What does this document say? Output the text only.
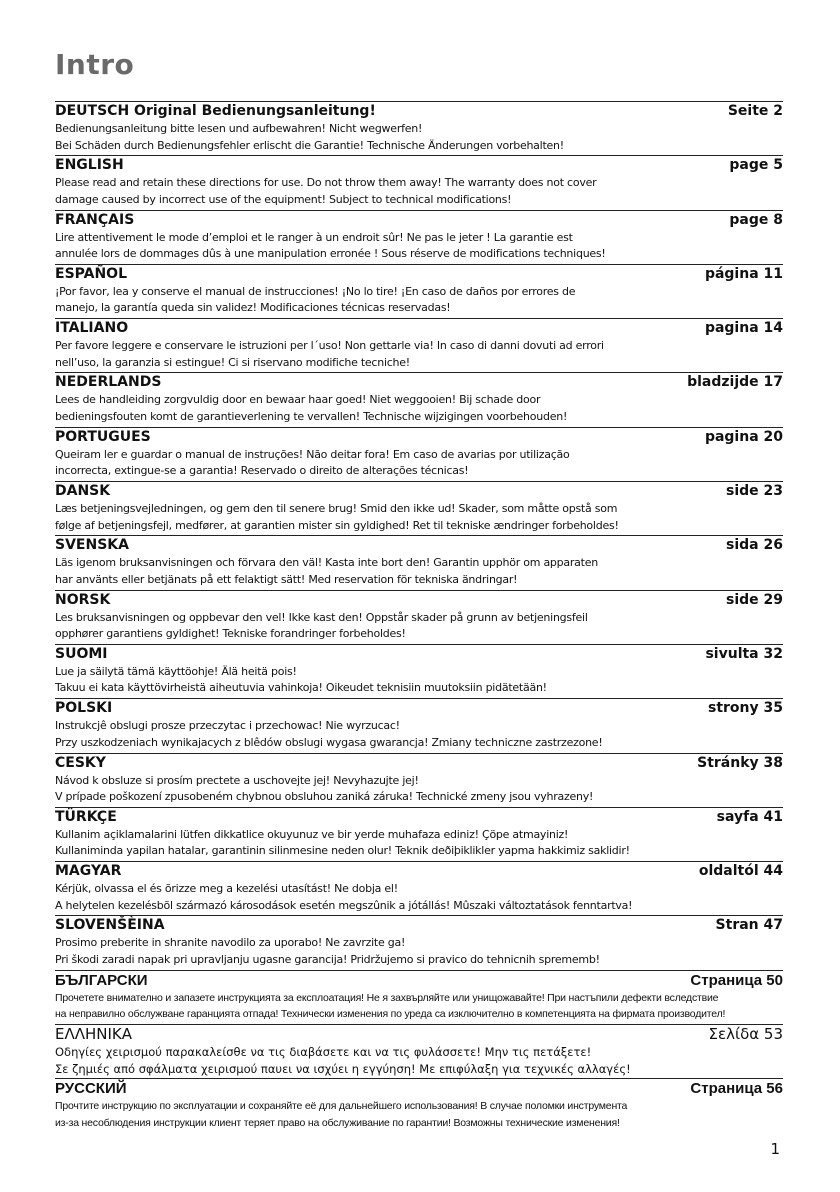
Intro
DEUTSCH Original Bedienungsanleitung!	Seite 2
Bedienungsanleitung bitte lesen und aufbewahren! Nicht wegwerfen!
Bei Schäden durch Bedienungsfehler erlischt die Garantie! Technische Änderungen vorbehalten!
ENGLISH	page 5
Please read and retain these directions for use. Do not throw them away! The warranty does not cover
damage caused by incorrect use of the equipment! Subject to technical modifications!
FRANÇAIS	page 8
Lire attentivement le mode d’emploi et le ranger à un endroit sûr! Ne pas le jeter ! La garantie est
annulée lors de dommages dûs à une manipulation erronée ! Sous réserve de modifications techniques!
ESPAÑOL	página 11
¡Por favor, lea y conserve el manual de instrucciones! ¡No lo tire! ¡En caso de daños por errores de
manejo, la garantía queda sin validez! Modificaciones técnicas reservadas!
ITALIANO	pagina 14
Per favore leggere e conservare le istruzioni per l´uso! Non gettarle via! In caso di danni dovuti ad errori
nell’uso, la garanzia si estingue! Ci si riservano modifiche tecniche!
NEDERLANDS	bladzijde 17
Lees de handleiding zorgvuldig door en bewaar haar goed! Niet weggooien! Bij schade door
bedieningsfouten komt de garantieverlening te vervallen! Technische wijzigingen voorbehouden!
PORTUGUES	pagina 20
Queiram ler e guardar o manual de instruções! Não deitar fora! Em caso de avarias por utilização
incorrecta, extingue-se a garantia! Reservado o direito de alterações técnicas!
DANSK	side 23
Læs betjeningsvejledningen, og gem den til senere brug! Smid den ikke ud! Skader, som måtte opstå som
følge af betjeningsfejl, medfører, at garantien mister sin gyldighed! Ret til tekniske ændringer forbeholdes!
SVENSKA	sida 26
Läs igenom bruksanvisningen och förvara den väl! Kasta inte bort den! Garantin upphör om apparaten
har använts eller betjänats på ett felaktigt sätt! Med reservation för tekniska ändringar!
NORSK	side 29
Les bruksanvisningen og oppbevar den vel! Ikke kast den! Oppstår skader på grunn av betjeningsfeil
opphører garantiens gyldighet! Tekniske forandringer forbeholdes!
SUOMI	sivulta 32
Lue ja säilytä tämä käyttöohje! Älä heitä pois!
Takuu ei kata käyttövirheistä aiheutuvia vahinkoja! Oikeudet teknisiin muutoksiin pidätetään!
POLSKI	strony 35
Instrukcjê obslugi prosze przeczytac i przechowac! Nie wyrzucac!
Przy uszkodzeniach wynikajacych z blêdów obslugi wygasa gwarancja! Zmiany techniczne zastrzezone!
CESKY	Stránky 38
Návod k obsluze si prosím prectete a uschovejte jej! Nevyhazujte jej!
V prípade poškození zpusobeném chybnou obsluhou zaniká záruka! Technické zmeny jsou vyhrazeny!
TÜRKÇE	sayfa 41
Kullanim açiklamalarini lütfen dikkatlice okuyunuz ve bir yerde muhafaza ediniz! Çöpe atmayiniz!
Kullaniminda yapilan hatalar, garantinin silinmesine neden olur! Teknik deðiþiklikler yapma hakkimiz saklidir!
MAGYAR	oldaltól 44
Kérjük, olvassa el és õrizze meg a kezelési utasítást! Ne dobja el!
A helytelen kezelésbõl származó károsodások esetén megszûnik a jótállás! Mûszaki változtatások fenntartva!
SLOVENŠÈINA	Stran 47
Prosimo preberite in shranite navodilo za uporabo! Ne zavrzite ga!
Pri škodi zaradi napak pri upravljanju ugasne garancija! Pridržujemo si pravico do tehnicnih sprememb!
БЪЛГАРСКИ	Страница 50
Прочетете внимателно и запазете инструкцията за експлоатация! Не я захвърляйте или унищожавайте! При настъпили дефекти вследствие
на неправилно обслужване гаранцията отпада! Технически изменения по уреда са изключително в компетенцията на фирмата производител!
ΕΛΛΗΝΙΚΑ	Σελίδα 53
Οδηγίες χειρισμού παρακαλείσθε να τις διαβάσετε και να τις φυλάσσετε! Μην τις πετάξετε!
Σε ζημιές από σφάλματα χειρισμού παυει να ισχύει η εγγύηση! Με επιφύλαξη για τεχνικές αλλαγές!
РУССКИЙ	Страница 56
Прочтите инструкцию по эксплуатации и сохраняйте её для дальнейшего использования! В случае поломки инструмента
из-за несоблюдения инструкции клиент теряет право на обслуживание по гарантии! Возможны технические изменения!
1
